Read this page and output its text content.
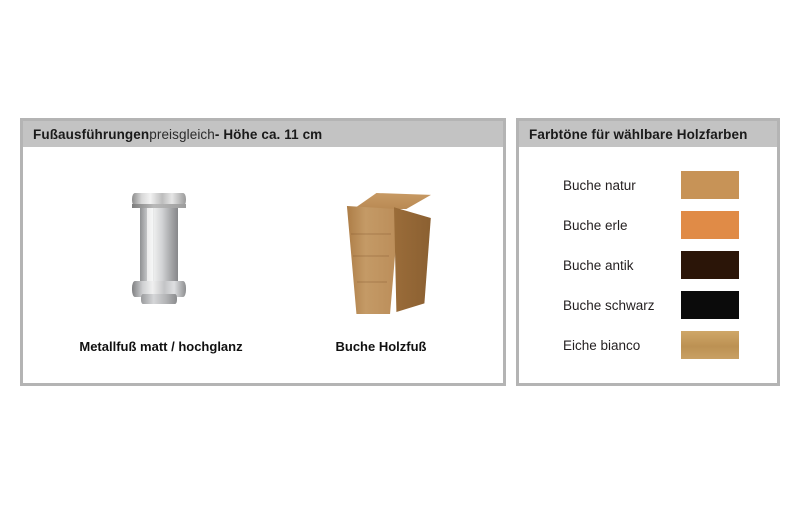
Fußausführungen preisgleich - Höhe ca. 11 cm
Metallfuß matt / hochglanz	Buche Holzfuß
Farbtöne für wählbare Holzfarben
Buche natur
Buche erle
Buche antik
Buche schwarz
Eiche bianco
